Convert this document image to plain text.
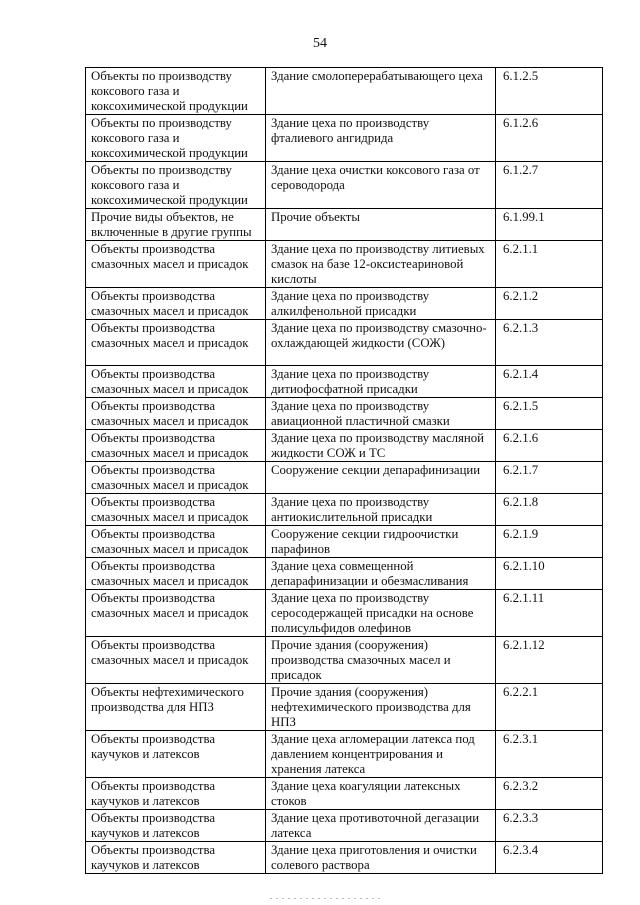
54
Объекты по производству коксового газа и коксохимической продукции	Здание смолоперерабатывающего цеха	6.1.2.5
Объекты по производству коксового газа и коксохимической продукции	Здание цеха по производству фталиевого ангидрида	6.1.2.6
Объекты по производству коксового газа и коксохимической продукции	Здание цеха очистки коксового газа от сероводорода	6.1.2.7
Прочие виды объектов, не включенные в другие группы	Прочие объекты	6.1.99.1
Объекты производства смазочных масел и присадок	Здание цеха по производству литиевых смазок на базе 12-оксистеариновой кислоты	6.2.1.1
Объекты производства смазочных масел и присадок	Здание цеха по производству алкилфенольной присадки	6.2.1.2
Объекты производства смазочных масел и присадок	Здание цеха по производству смазочно-охлаждающей жидкости (СОЖ)	6.2.1.3
Объекты производства смазочных масел и присадок	Здание цеха по производству дитиофосфатной присадки	6.2.1.4
Объекты производства смазочных масел и присадок	Здание цеха по производству авиационной пластичной смазки	6.2.1.5
Объекты производства смазочных масел и присадок	Здание цеха по производству масляной жидкости СОЖ и ТС	6.2.1.6
Объекты производства смазочных масел и присадок	Сооружение секции депарафинизации	6.2.1.7
Объекты производства смазочных масел и присадок	Здание цеха по производству антиокислительной присадки	6.2.1.8
Объекты производства смазочных масел и присадок	Сооружение секции гидроочистки парафинов	6.2.1.9
Объекты производства смазочных масел и присадок	Здание цеха совмещенной депарафинизации и обезмасливания	6.2.1.10
Объекты производства смазочных масел и присадок	Здание цеха по производству серосодержащей присадки на основе полисульфидов олефинов	6.2.1.11
Объекты производства смазочных масел и присадок	Прочие здания (сооружения) производства смазочных масел и присадок	6.2.1.12
Объекты нефтехимического производства для НПЗ	Прочие здания (сооружения) нефтехимического производства для НПЗ	6.2.2.1
Объекты производства каучуков и латексов	Здание цеха агломерации латекса под давлением концентрирования и хранения латекса	6.2.3.1
Объекты производства каучуков и латексов	Здание цеха коагуляции латексных стоков	6.2.3.2
Объекты производства каучуков и латексов	Здание цеха противоточной дегазации латекса	6.2.3.3
Объекты производства каучуков и латексов	Здание цеха приготовления и очистки солевого раствора	6.2.3.4
